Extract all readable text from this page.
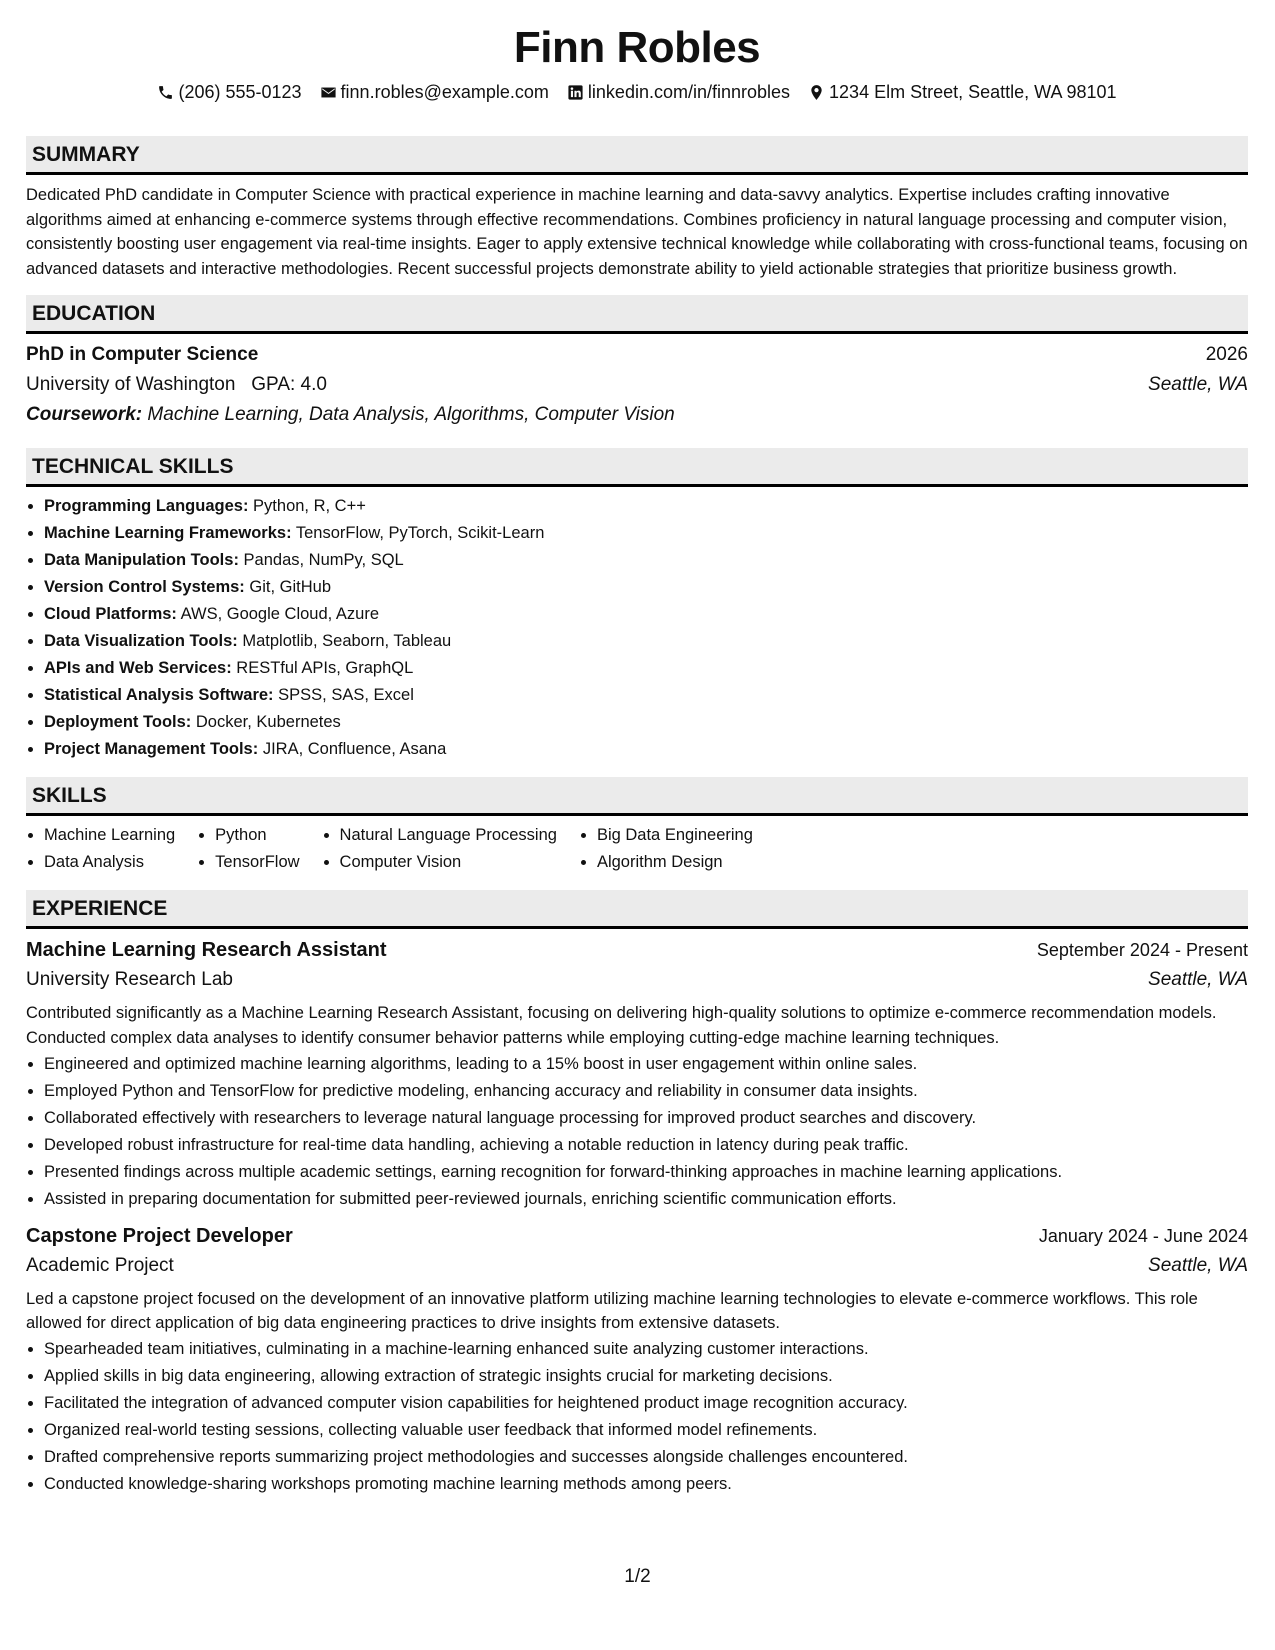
Finn Robles
(206) 555-0123 finn.robles@example.com linkedin.com/in/finnrobles 1234 Elm Street, Seattle, WA 98101
SUMMARY
Dedicated PhD candidate in Computer Science with practical experience in machine learning and data-savvy analytics. Expertise includes crafting innovative algorithms aimed at enhancing e-commerce systems through effective recommendations. Combines proficiency in natural language processing and computer vision, consistently boosting user engagement via real-time insights. Eager to apply extensive technical knowledge while collaborating with cross-functional teams, focusing on advanced datasets and interactive methodologies. Recent successful projects demonstrate ability to yield actionable strategies that prioritize business growth.
EDUCATION
PhD in Computer Science	2026
University of Washington GPA: 4.0	Seattle, WA
Coursework: Machine Learning, Data Analysis, Algorithms, Computer Vision
TECHNICAL SKILLS
• Programming Languages: Python, R, C++
• Machine Learning Frameworks: TensorFlow, PyTorch, Scikit-Learn
• Data Manipulation Tools: Pandas, NumPy, SQL
• Version Control Systems: Git, GitHub
• Cloud Platforms: AWS, Google Cloud, Azure
• Data Visualization Tools: Matplotlib, Seaborn, Tableau
• APIs and Web Services: RESTful APIs, GraphQL
• Statistical Analysis Software: SPSS, SAS, Excel
• Deployment Tools: Docker, Kubernetes
• Project Management Tools: JIRA, Confluence, Asana
SKILLS
• Machine Learning
• Data Analysis
• Python
• TensorFlow
• Natural Language Processing
• Computer Vision
• Big Data Engineering
• Algorithm Design
EXPERIENCE
Machine Learning Research Assistant	September 2024 - Present
University Research Lab	Seattle, WA
Contributed significantly as a Machine Learning Research Assistant, focusing on delivering high-quality solutions to optimize e-commerce recommendation models. Conducted complex data analyses to identify consumer behavior patterns while employing cutting-edge machine learning techniques.
• Engineered and optimized machine learning algorithms, leading to a 15% boost in user engagement within online sales.
• Employed Python and TensorFlow for predictive modeling, enhancing accuracy and reliability in consumer data insights.
• Collaborated effectively with researchers to leverage natural language processing for improved product searches and discovery.
• Developed robust infrastructure for real-time data handling, achieving a notable reduction in latency during peak traffic.
• Presented findings across multiple academic settings, earning recognition for forward-thinking approaches in machine learning applications.
• Assisted in preparing documentation for submitted peer-reviewed journals, enriching scientific communication efforts.
Capstone Project Developer	January 2024 - June 2024
Academic Project	Seattle, WA
Led a capstone project focused on the development of an innovative platform utilizing machine learning technologies to elevate e-commerce workflows. This role allowed for direct application of big data engineering practices to drive insights from extensive datasets.
• Spearheaded team initiatives, culminating in a machine-learning enhanced suite analyzing customer interactions.
• Applied skills in big data engineering, allowing extraction of strategic insights crucial for marketing decisions.
• Facilitated the integration of advanced computer vision capabilities for heightened product image recognition accuracy.
• Organized real-world testing sessions, collecting valuable user feedback that informed model refinements.
• Drafted comprehensive reports summarizing project methodologies and successes alongside challenges encountered.
• Conducted knowledge-sharing workshops promoting machine learning methods among peers.
1/2
